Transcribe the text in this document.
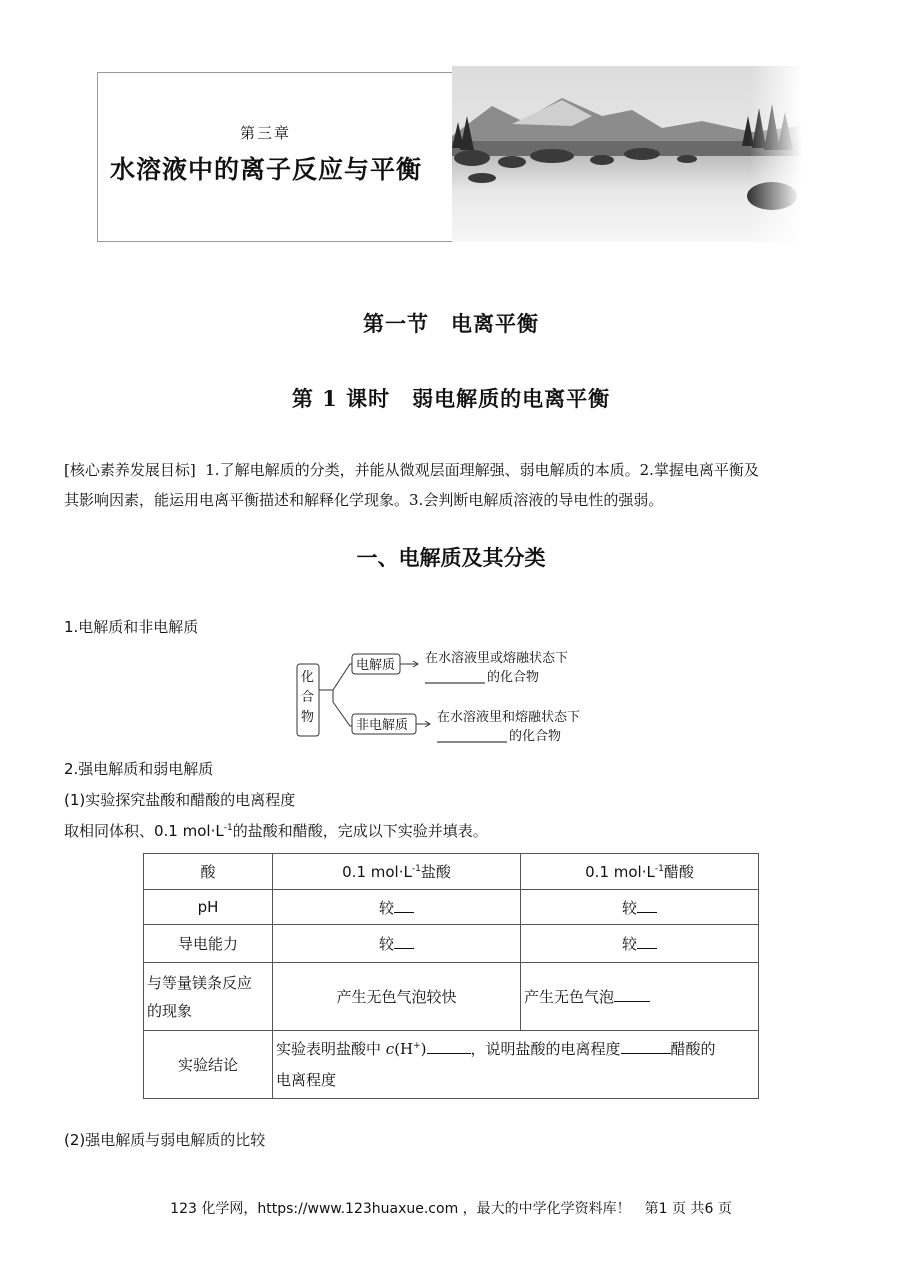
第三章
水溶液中的离子反应与平衡
第一节　电离平衡
第 1 课时　弱电解质的电离平衡
[核心素养发展目标] 1.了解电解质的分类，并能从微观层面理解强、弱电解质的本质。2.掌握电离平衡及
其影响因素，能运用电离平衡描述和解释化学现象。3.会判断电解质溶液的导电性的强弱。
一、电解质及其分类
1.电解质和非电解质
化
合
物
电解质 在水溶液里或熔融状态下
的化合物
非电解质
在水溶液里和熔融状态下
的化合物
2.强电解质和弱电解质
(1)实验探究盐酸和醋酸的电离程度
取相同体积、0.1 $mol\cdot L^{-1}$的盐酸和醋酸，完成以下实验并填表。
酸	0.1 $mol\cdot L^{-1}$盐酸	0.1 $mol\cdot L^{-1}$醋酸
pH	较	较
导电能力	较	较

与等量镁条反应
的现象	产生无色气泡较快	产生无色气泡
实验结论	实验表明盐酸中 c(H+) ，说明盐酸的电离程度 醋酸的
电离程度	
(2)强电解质与弱电解质的比较
123 化学网，https://www.123huaxue.com ，最大的中学化学资料库！　第1 页 共6 页
